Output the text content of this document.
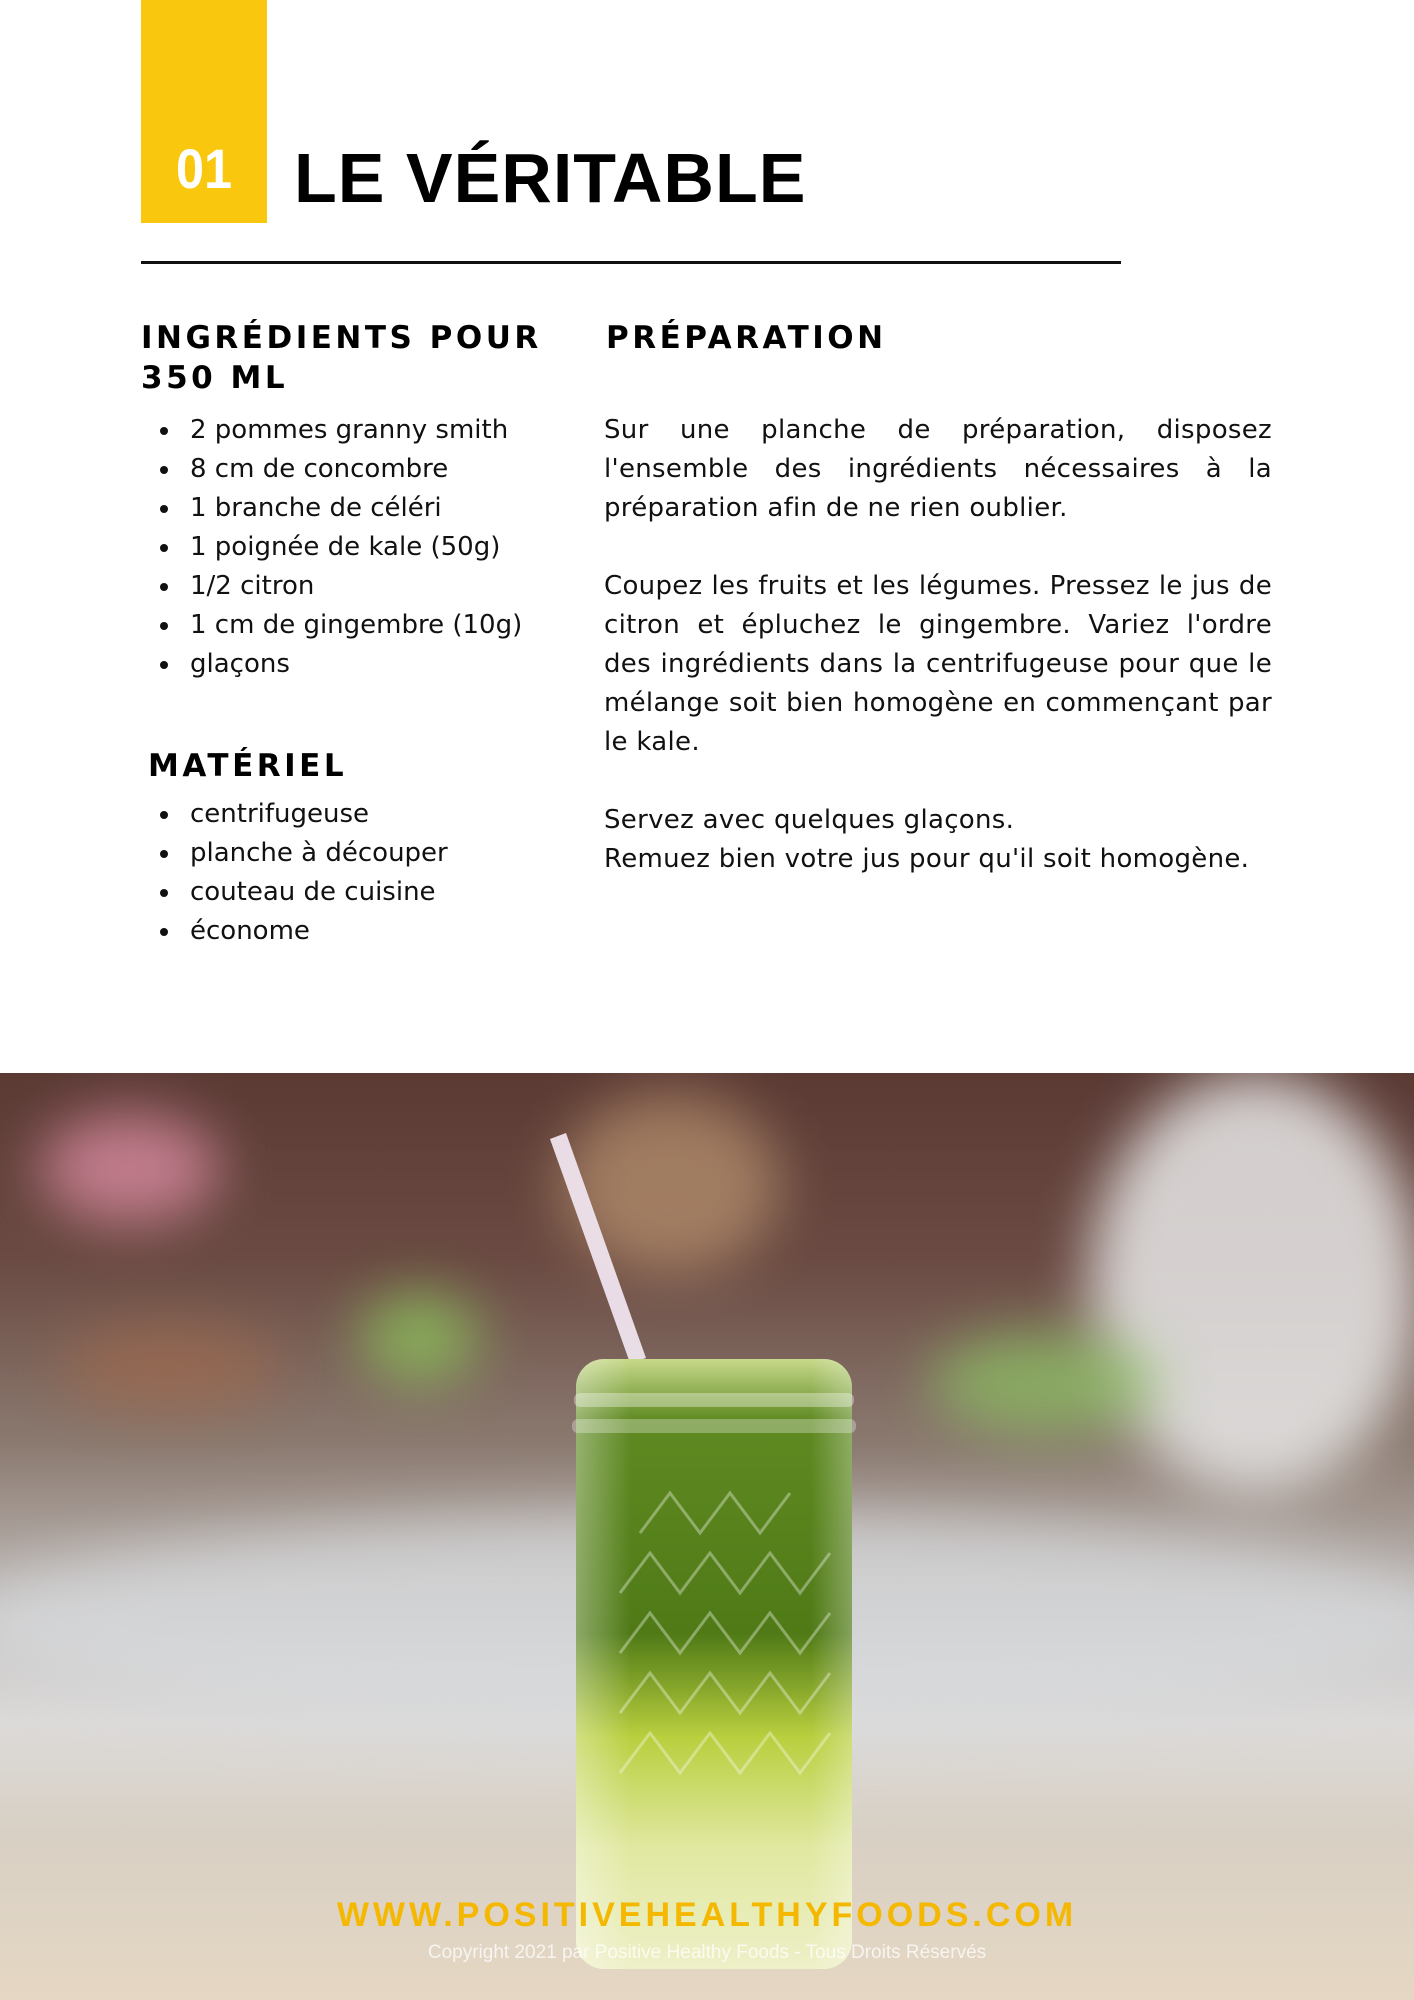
01 LE VÉRITABLE
INGRÉDIENTS POUR
350 ML
2 pommes granny smith
8 cm de concombre
1 branche de céléri
1 poignée de kale (50g)
1/2 citron
1 cm de gingembre (10g)
glaçons
MATÉRIEL
centrifugeuse
planche à découper
couteau de cuisine
économe
PRÉPARATION

Sur une planche de préparation, disposez l'ensemble des ingrédients nécessaires à la préparation afin de ne rien oublier.

Coupez les fruits et les légumes. Pressez le jus de citron et épluchez le gingembre. Variez l'ordre des ingrédients dans la centrifugeuse pour que le mélange soit bien homogène en commençant par le kale.

Servez avec quelques glaçons.

Remuez bien votre jus pour qu'il soit homogène.

WWW.POSITIVEHEALTHYFOODS.COM
Copyright 2021 par Positive Healthy Foods - Tous Droits Réservés
